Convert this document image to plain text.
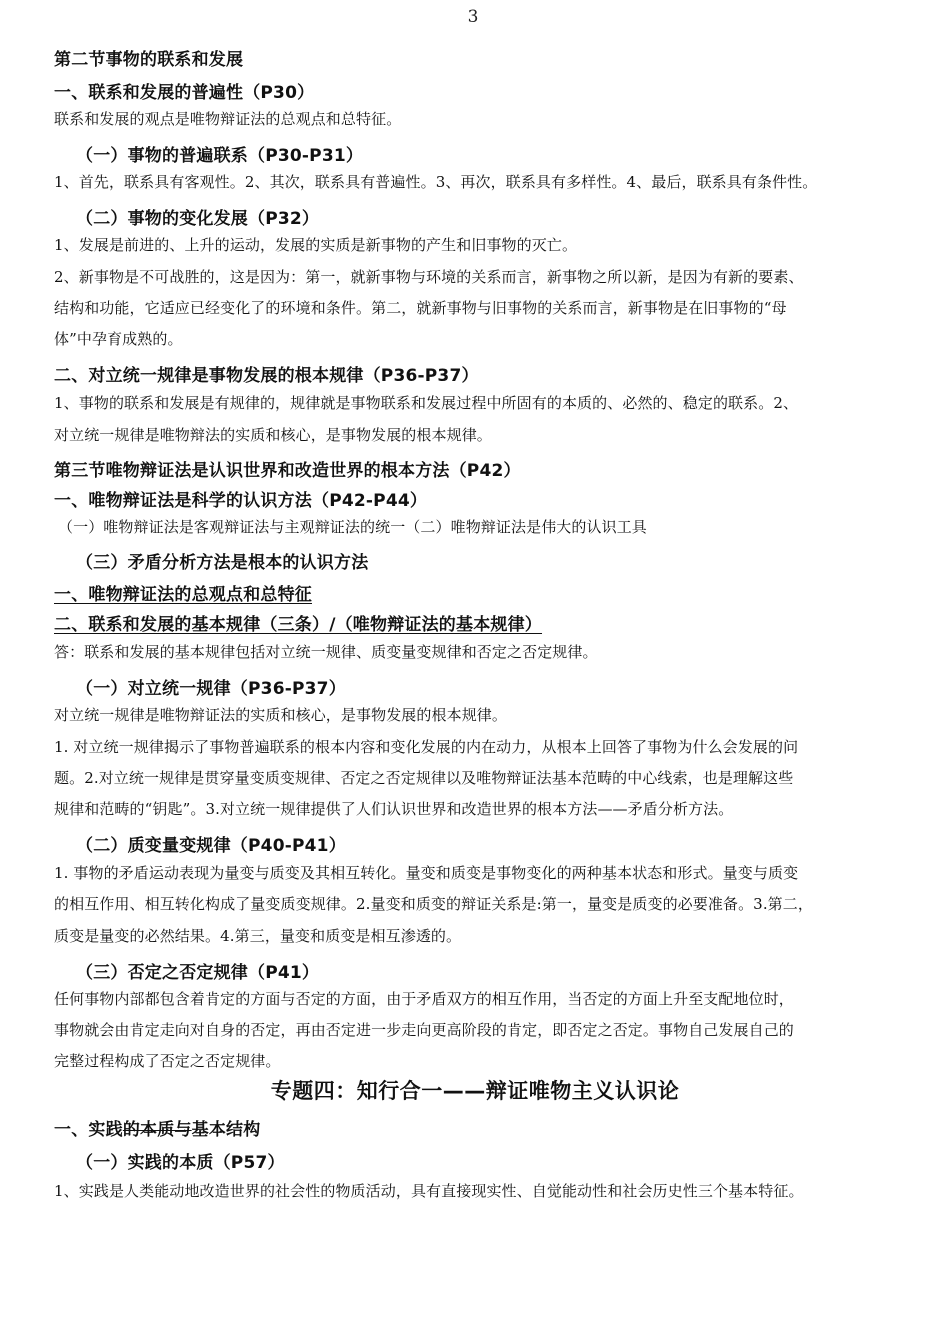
3
第二节事物的联系和发展
一、联系和发展的普遍性（P30）
联系和发展的观点是唯物辩证法的总观点和总特征。
（一）事物的普遍联系（P30-P31）
1、首先，联系具有客观性。2、其次，联系具有普遍性。3、再次，联系具有多样性。4、最后，联系具有条件性。
（二）事物的变化发展（P32）
1、发展是前进的、上升的运动，发展的实质是新事物的产生和旧事物的灭亡。
2、新事物是不可战胜的，这是因为：第一，就新事物与环境的关系而言，新事物之所以新，是因为有新的要素、
结构和功能，它适应已经变化了的环境和条件。第二，就新事物与旧事物的关系而言，新事物是在旧事物的“母
体”中孕育成熟的。
二、对立统一规律是事物发展的根本规律（P36-P37）
1、事物的联系和发展是有规律的，规律就是事物联系和发展过程中所固有的本质的、必然的、稳定的联系。2、
对立统一规律是唯物辩法的实质和核心，是事物发展的根本规律。
第三节唯物辩证法是认识世界和改造世界的根本方法（P42）
一、唯物辩证法是科学的认识方法（P42-P44）
（一）唯物辩证法是客观辩证法与主观辩证法的统一（二）唯物辩证法是伟大的认识工具
（三）矛盾分析方法是根本的认识方法
一、唯物辩证法的总观点和总特征
二、联系和发展的基本规律（三条）/（唯物辩证法的基本规律）
答：联系和发展的基本规律包括对立统一规律、质变量变规律和否定之否定规律。
（一）对立统一规律（P36-P37）
对立统一规律是唯物辩证法的实质和核心，是事物发展的根本规律。
1. 对立统一规律揭示了事物普遍联系的根本内容和变化发展的内在动力，从根本上回答了事物为什么会发展的问
题。2.对立统一规律是贯穿量变质变规律、否定之否定规律以及唯物辩证法基本范畴的中心线索，也是理解这些
规律和范畴的“钥匙”。3.对立统一规律提供了人们认识世界和改造世界的根本方法——矛盾分析方法。
（二）质变量变规律（P40-P41）
1. 事物的矛盾运动表现为量变与质变及其相互转化。量变和质变是事物变化的两种基本状态和形式。量变与质变
的相互作用、相互转化构成了量变质变规律。2.量变和质变的辩证关系是:第一，量变是质变的必要准备。3.第二，
质变是量变的必然结果。4.第三，量变和质变是相互渗透的。
（三）否定之否定规律（P41）
任何事物内部都包含着肯定的方面与否定的方面，由于矛盾双方的相互作用，当否定的方面上升至支配地位时，
事物就会由肯定走向对自身的否定，再由否定进一步走向更高阶段的肯定，即否定之否定。事物自己发展自己的
完整过程构成了否定之否定规律。
专题四：知行合一——辩证唯物主义认识论
一、实践的本质与基本结构
（一）实践的本质（P57）
1、实践是人类能动地改造世界的社会性的物质活动，具有直接现实性、自觉能动性和社会历史性三个基本特征。
